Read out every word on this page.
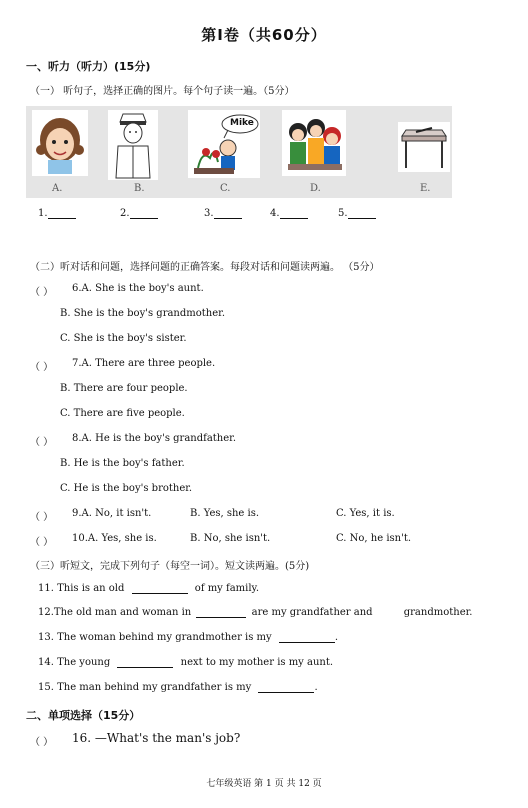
第Ⅰ卷（共60分）
一、听力（听力）(15分)
（一） 听句子，选择正确的图片。每个句子读一遍。（5分）
A.	B.
Mike
C.	D.	E.
1.	2.	3.	4.	5.
（二）听对话和问题，选择问题的正确答案。每段对话和问题读两遍。 （5分）
（ ） 6.A. She is the boy's aunt.
B. She is the boy's grandmother.
C. She is the boy's sister.
（ ） 7.A. There are three people.
B. There are four people.
C. There are five people.
（ ） 8.A. He is the boy's grandfather.
B. He is the boy's father.
C. He is the boy's brother.
（ ） 9.A. No, it isn't.	B. Yes, she is.	C. Yes, it is.
（ ） 10.A. Yes, she is.	B. No, she isn't.	C. No, he isn't.
（三）听短文，完成下列句子（每空一词）。短文读两遍。(5分)
11. This is an old	of my family.
12.The old man and woman in	are my grandfather and	grandmother.
13. The woman behind my grandmother is my	.
14. The young	next to my mother is my aunt.
15. The man behind my grandfather is my	.
二、单项选择（15分）
（ ） 16. —What's the man's job?
七年级英语 第 1 页 共 12 页
